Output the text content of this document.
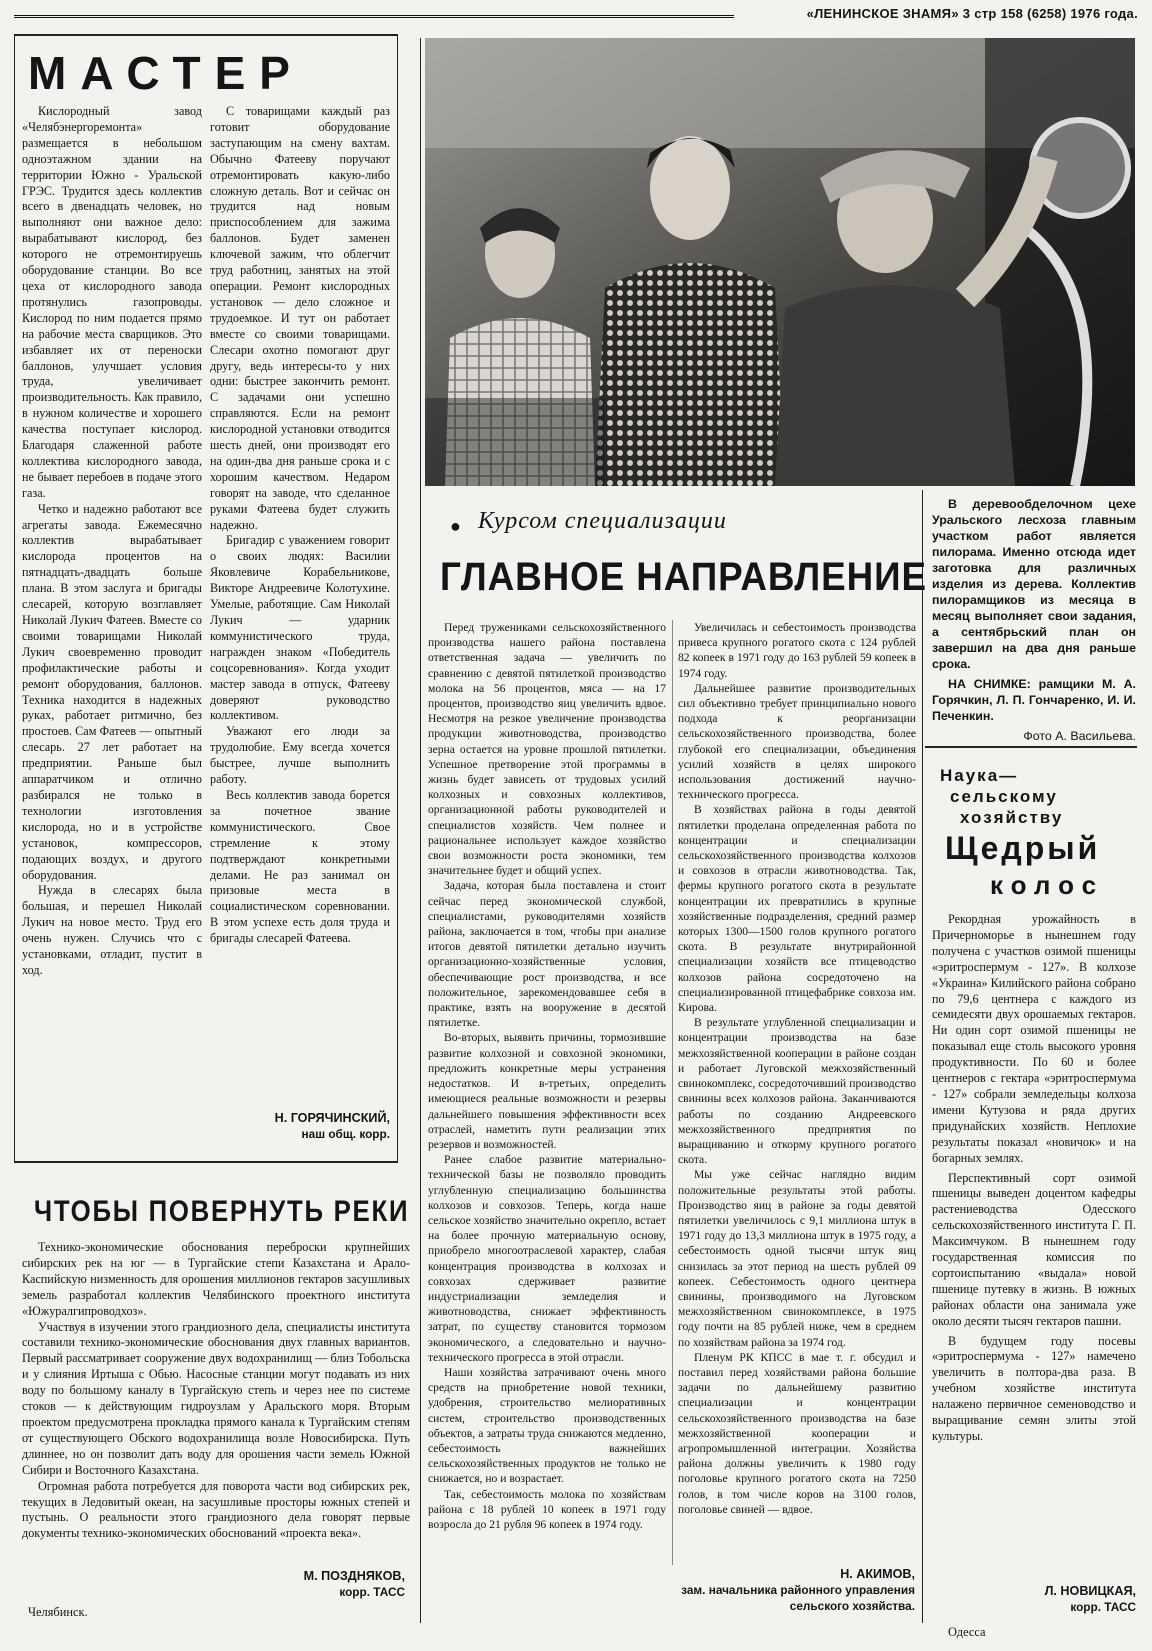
«ЛЕНИНСКОЕ ЗНАМЯ» 3 стр 158 (6258) 1976 года.
МАСТЕР

Кислородный завод «Челябэнергоремонта» размещается в небольшом одноэтажном здании на территории Южно - Уральской ГРЭС. Трудится здесь коллектив всего в двенадцать человек, но выполняют они важное дело: вырабатывают кислород, без которого не отремонтируешь оборудование станции. Во все цеха от кислородного завода протянулись газопроводы. Кислород по ним подается прямо на рабочие места сварщиков. Это избавляет их от переноски баллонов, улучшает условия труда, увеличивает производительность. Как правило, в нужном количестве и хорошего качества поступает кислород. Благодаря слаженной работе коллектива кислородного завода, не бывает перебоев в подаче этого газа.

Четко и надежно работают все агрегаты завода. Ежемесячно коллектив вырабатывает кислорода процентов на пятнадцать-двадцать больше плана. В этом заслуга и бригады слесарей, которую возглавляет Николай Лукич Фатеев. Вместе со своими товарищами Николай Лукич своевременно проводит профилактические работы и ремонт оборудования, баллонов. Техника находится в надежных руках, работает ритмично, без простоев. Сам Фатеев — опытный слесарь. 27 лет работает на предприятии. Раньше был аппаратчиком и отлично разбирался не только в технологии изготовления кислорода, но и в устройстве установок, компрессоров, подающих воздух, и другого оборудования.

Нужда в слесарях была большая, и перешел Николай Лукич на новое место. Труд его очень нужен. Случись что с установками, отладит, пустит в ход.

С товарищами каждый раз готовит оборудование заступающим на смену вахтам. Обычно Фатееву поручают отремонтировать какую-либо сложную деталь. Вот и сейчас он трудится над новым приспособлением для зажима баллонов. Будет заменен ключевой зажим, что облегчит труд работниц, занятых на этой операции. Ремонт кислородных установок — дело сложное и трудоемкое. И тут он работает вместе со своими товарищами. Слесари охотно помогают друг другу, ведь интересы-то у них одни: быстрее закончить ремонт. С задачами они успешно справляются. Если на ремонт кислородной установки отводится шесть дней, они производят его на один-два дня раньше срока и с хорошим качеством. Недаром говорят на заводе, что сделанное руками Фатеева будет служить надежно.

Бригадир с уважением говорит о своих людях: Василии Яковлевиче Корабельникове, Викторе Андреевиче Колотухине. Умелые, работящие. Сам Николай Лукич — ударник коммунистического труда, награжден знаком «Победитель соцсоревнования». Когда уходит мастер заводa в отпуск, Фатееву доверяют руководство коллективом.

Уважают его люди за трудолюбие. Ему всегда хочется быстрее, лучше выполнить работу.

Весь коллектив завода борется за почетное звание коммунистического. Свое стремление к этому подтверждают конкретными делами. Не раз занимал он призовые места в социалистическом соревновании. В этом успехе есть доля труда и бригады слесарей Фатеева.

Н. ГОРЯЧИНСКИЙ,
наш общ. корр.
ЧТОБЫ ПОВЕРНУТЬ РЕКИ

Технико-экономические обоснования переброски крупнейших сибирских рек на юг — в Тургайские степи Казахстана и Арало-Каспийскую низменность для орошения миллионов гектаров засушливых земель разработал коллектив Челябинского проектного института «Южуралгипроводхоз».

Участвуя в изучении этого грандиозного дела, специалисты института составили технико-экономические обоснования двух главных вариантов. Первый рассматривает сооружение двух водохранилищ — близ Тобольска и у слияния Иртыша с Обью. Насосные станции могут подавать из них воду по большому каналу в Тургайскую степь и через нее по системе стоков — к действующим гидроузлам у Аральского моря. Вторым проектом предусмотрена прокладка прямого канала к Тургайским степям от существующего Обского водохранилища возле Новосибирска. Путь длиннее, но он позволит дать воду для орошения части земель Южной Сибири и Восточного Казахстана.

Огромная работа потребуется для поворота части вод сибирских рек, текущих в Ледовитый океан, на засушливые просторы южных степей и пустынь. О реальности этого грандиозного дела говорят первые документы технико-экономических обоснований «проекта века».

М. ПОЗДНЯКОВ,
корр. ТАСС
Челябинск.

В деревообделочном цехе Уральского лесхоза главным участком работ является пилорама. Именно отсюда идет заготовка для различных изделия из дерева. Коллектив пилорамщиков из месяца в месяц выполняет свои задания, а сентябрьский план он завершил на два дня раньше срока.

НА СНИМКЕ: рамщики М. А. Горячкин, Л. П. Гончаренко, И. И. Печенкин.

Фото А. Васильева.
● Курсом специализации
ГЛАВНОЕ НАПРАВЛЕНИЕ

Перед тружениками сельскохозяйственного производства нашего района поставлена ответственная задача — увеличить по сравнению с девятой пятилеткой производство молока на 56 процентов, мяса — на 17 процентов, производство яиц увеличить вдвое. Несмотря на резкое увеличение производства продукции животноводства, производство зерна остается на уровне прошлой пятилетки. Успешное претворение этой программы в жизнь будет зависеть от трудовых усилий колхозных и совхозных коллективов, организационной работы руководителей и специалистов хозяйств. Чем полнее и рациональнее использует каждое хозяйство свои возможности роста экономики, тем значительнее будет и общий успех.

Задача, которая была поставлена и стоит сейчас перед экономической службой, специалистами, руководителями хозяйств района, заключается в том, чтобы при анализе итогов девятой пятилетки детально изучить организационно-хозяйственные условия, обеспечивающие рост производства, и все положительное, зарекомендовавшее себя в практике, взять на вооружение в десятой пятилетке.

Во-вторых, выявить причины, тормозившие развитие колхозной и совхозной экономики, предложить конкретные меры устранения недостатков. И в-третьих, определить имеющиеся реальные возможности и резервы дальнейшего повышения эффективности всех отраслей, наметить пути реализации этих резервов и возможностей.

Ранее слабое развитие материально-технической базы не позволяло проводить углубленную специализацию большинства колхозов и совхозов. Теперь, когда наше сельское хозяйство значительно окрепло, встает на более прочную материальную основу, приобрело многоотраслевой характер, слабая концентрация производства в колхозах и совхозах сдерживает развитие индустриализации земледелия и животноводства, снижает эффективность затрат, по существу становится тормозом экономического, а следовательно и научно-технического прогресса в этой отрасли.

Наши хозяйства затрачивают очень много средств на приобретение новой техники, удобрения, строительство мелиоративных систем, строительство производственных объектов, а затраты труда снижаются медленно, себестоимость важнейших сельскохозяйственных продуктов не только не снижается, но и возрастает.

Так, себестоимость молока по хозяйствам района с 18 рублей 10 копеек в 1971 году возросла до 21 рубля 96 копеек в 1974 году.

Увеличилась и себестоимость производства привеса крупного рогатого скота с 124 рублей 82 копеек в 1971 году до 163 рублей 59 копеек в 1974 году.

Дальнейшее развитие производительных сил объективно требует принципиально нового подхода к реорганизации сельскохозяйственного производства, более глубокой его специализации, объединения усилий хозяйств в целях широкого использования достижений научно-технического прогресса.

В хозяйствах района в годы девятой пятилетки проделана определенная работа по концентрации и специализации сельскохозяйственного производства колхозов и совхозов в отрасли животноводства. Так, фермы крупного рогатого скота в результате концентрации их превратились в крупные хозяйственные подразделения, средний размер которых 1300—1500 голов крупного рогатого скота. В результате внутрирайонной специализации хозяйств все птицеводство колхозов района сосредоточено на специализированной птицефабрике совхоза им. Кирова.

В результате углубленной специализации и концентрации производства на базе межхозяйственной кооперации в районе создан и работает Луговской межхозяйственный свинокомплекс, сосредоточивший производство свинины всех колхозов района. Заканчиваются работы по созданию Андреевского межхозяйственного предприятия по выращиванию и откорму крупного рогатого скота.

Мы уже сейчас наглядно видим положительные результаты этой работы. Производство яиц в районе за годы девятой пятилетки увеличилось с 9,1 миллиона штук в 1971 году до 13,3 миллиона штук в 1975 году, а себестоимость одной тысячи штук яиц снизилась за этот период на шесть рублей 09 копеек. Себестоимость одного центнера свинины, производимого на Луговском межхозяйственном свинокомплексе, в 1975 году почти на 85 рублей ниже, чем в среднем по хозяйствам района за 1974 год.

Пленум РК КПСС в мае т. г. обсудил и поставил перед хозяйствами района большие задачи по дальнейшему развитию специализации и концентрации сельскохозяйственного производства на базе межхозяйственной кооперации и агропромышленной интеграции. Хозяйства района должны увеличить к 1980 году поголовье крупного рогатого скота на 7250 голов, в том числе коров на 3100 голов, поголовье свиней — вдвое.

Н. АКИМОВ,
зам. начальника районного управления сельского хозяйства.
Наука—
сельскому
хозяйству
Щедрый
колос

Рекордная урожайность в Причерноморье в нынешнем году получена с участков озимой пшеницы «эритроспермум - 127». В колхозе «Украина» Килийского района собрано по 79,6 центнера с каждого из семидесяти двух орошаемых гектаров. Ни один сорт озимой пшеницы не показывал еще столь высокого уровня продуктивности. По 60 и более центнеров с гектара «эритроспермума - 127» собрали земледельцы колхоза имени Кутузова и ряда других придунайских хозяйств. Неплохие результаты показал «новичок» и на богарных землях.

Перспективный сорт озимой пшеницы выведен доцентом кафедры растениеводства Одесского сельскохозяйственного института Г. П. Максимчуком. В нынешнем году государственная комиссия по сортоиспытанию «выдала» новой пшенице путевку в жизнь. В южных районах области она занимала уже около десяти тысяч гектаров пашни.

В будущем году посевы «эритроспермума - 127» намечено увеличить в полтора-два раза. В учебном хозяйстве института налажено первичное семеноводство и выращивание семян элиты этой культуры.

Л. НОВИЦКАЯ,
корр. ТАСС
Одесса
